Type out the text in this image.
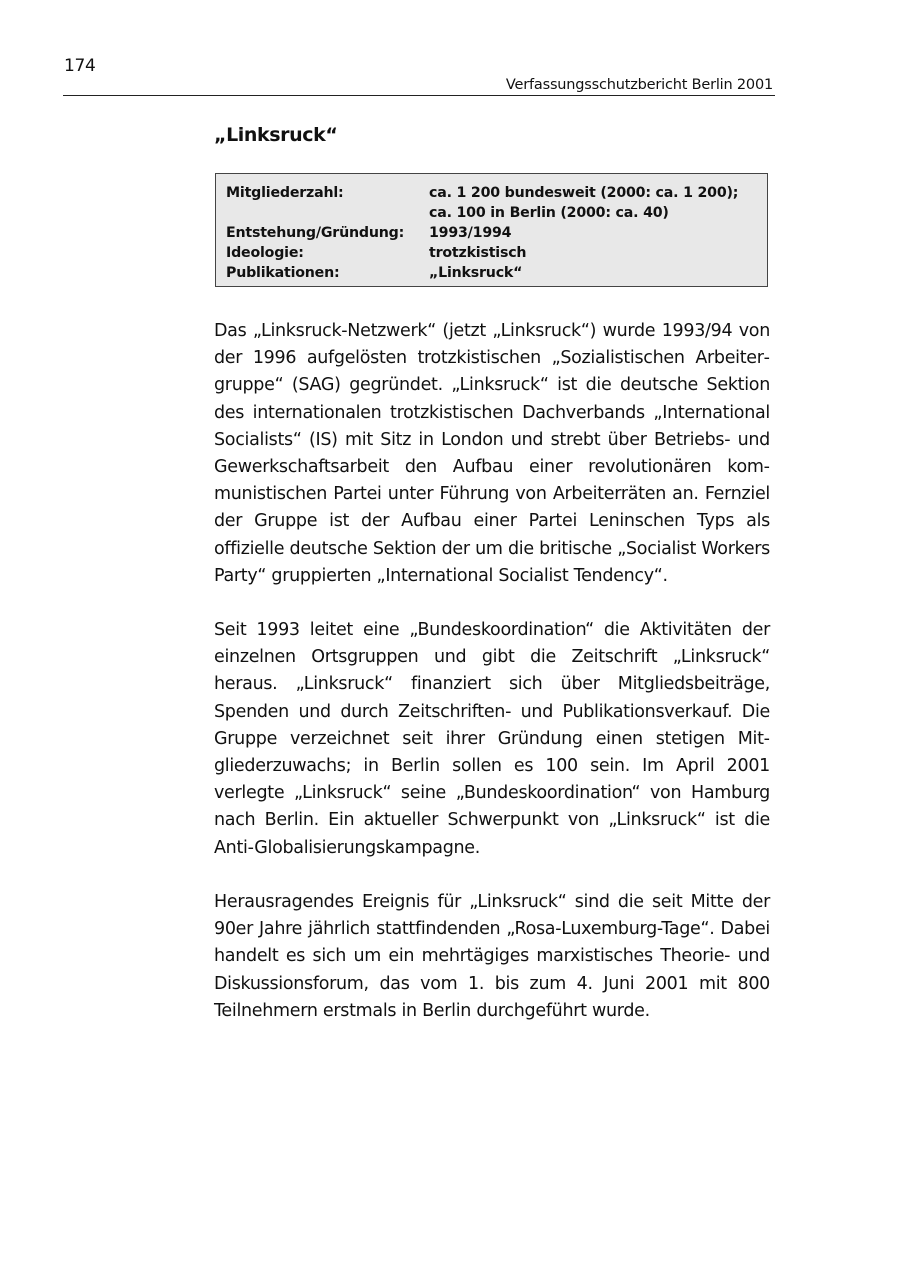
174
Verfassungsschutzbericht Berlin 2001
„Linksruck“
Mitgliederzahl:	ca. 1 200 bundesweit (2000: ca. 1 200);
ca. 100 in Berlin (2000: ca. 40)
Entstehung/Gründung:	1993/1994
Ideologie:	trotzkistisch
Publikationen:	„Linksruck“

Das „Linksruck-Netzwerk“ (jetzt „Linksruck“) wurde 1993/94 von der 1996 aufgelösten trotzkistischen „Sozialistischen Arbeitergruppe“ (SAG) gegründet. „Linksruck“ ist die deutsche Sektion des internationalen trotzkistischen Dachverbands „International Socialists“ (IS) mit Sitz in London und strebt über Betriebs- und Gewerkschaftsarbeit den Aufbau einer revolutionären kommunistischen Partei unter Führung von Arbeiterräten an. Fernziel der Gruppe ist der Aufbau einer Partei Leninschen Typs als offizielle deutsche Sektion der um die britische „Socialist Workers Party“ gruppierten „International Socialist Tendency“.

Seit 1993 leitet eine „Bundeskoordination“ die Aktivitäten der einzelnen Ortsgruppen und gibt die Zeitschrift „Linksruck“ heraus. „Linksruck“ finanziert sich über Mitgliedsbeiträge, Spenden und durch Zeitschriften- und Publikationsverkauf. Die Gruppe verzeichnet seit ihrer Gründung einen stetigen Mitgliederzuwachs; in Berlin sollen es 100 sein. Im April 2001 verlegte „Linksruck“ seine „Bundeskoordination“ von Hamburg nach Berlin. Ein aktueller Schwerpunkt von „Linksruck“ ist die Anti-Globalisierungskampagne.

Herausragendes Ereignis für „Linksruck“ sind die seit Mitte der 90er Jahre jährlich stattfindenden „Rosa-Luxemburg-Tage“. Dabei handelt es sich um ein mehrtägiges marxistisches Theorie- und Diskussionsforum, das vom 1. bis zum 4. Juni 2001 mit 800 Teilnehmern erstmals in Berlin durchgeführt wurde.
